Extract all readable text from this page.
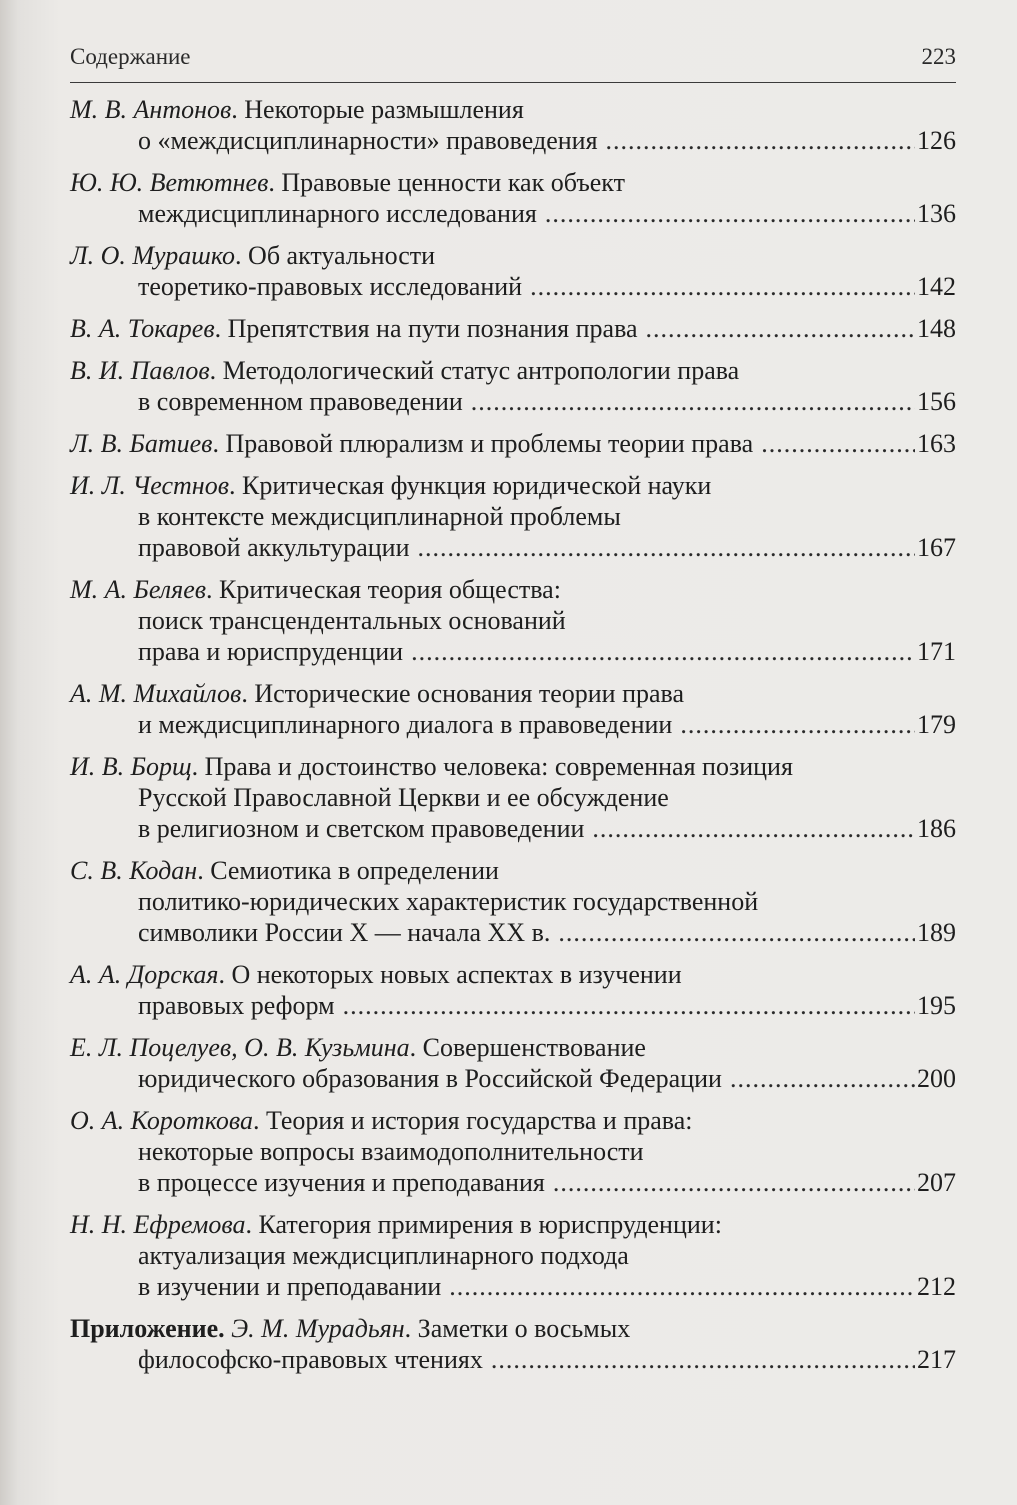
Содержание	223
М. В. Антонов. Некоторые размышления
о «междисциплинарности» правоведения .....	126
Ю. Ю. Ветютнев. Правовые ценности как объект
междисциплинарного исследования .....	136
Л. О. Мурашко. Об актуальности
теоретико-правовых исследований .....	142
В. А. Токарев. Препятствия на пути познания права .....	148
В. И. Павлов. Методологический статус антропологии права
в современном правоведении .....	156
Л. В. Батиев. Правовой плюрализм и проблемы теории права .....	163
И. Л. Честнов. Критическая функция юридической науки
в контексте междисциплинарной проблемы
правовой аккультурации .....	167
М. А. Беляев. Критическая теория общества:
поиск трансцендентальных оснований
права и юриспруденции .....	171
А. М. Михайлов. Исторические основания теории права
и междисциплинарного диалога в правоведении .....	179
И. В. Борщ. Права и достоинство человека: современная позиция
Русской Православной Церкви и ее обсуждение
в религиозном и светском правоведении .....	186
С. В. Кодан. Семиотика в определении
политико-юридических характеристик государственной
символики России X — начала XX в. .....	189
А. А. Дорская. О некоторых новых аспектах в изучении
правовых реформ .....	195
Е. Л. Поцелуев, О. В. Кузьмина. Совершенствование
юридического образования в Российской Федерации .....	200
О. А. Короткова. Теория и история государства и права:
некоторые вопросы взаимодополнительности
в процессе изучения и преподавания .....	207
Н. Н. Ефремова. Категория примирения в юриспруденции:
актуализация междисциплинарного подхода
в изучении и преподавании .....	212
Приложение. Э. М. Мурадьян. Заметки о восьмых
философско-правовых чтениях .....	217
